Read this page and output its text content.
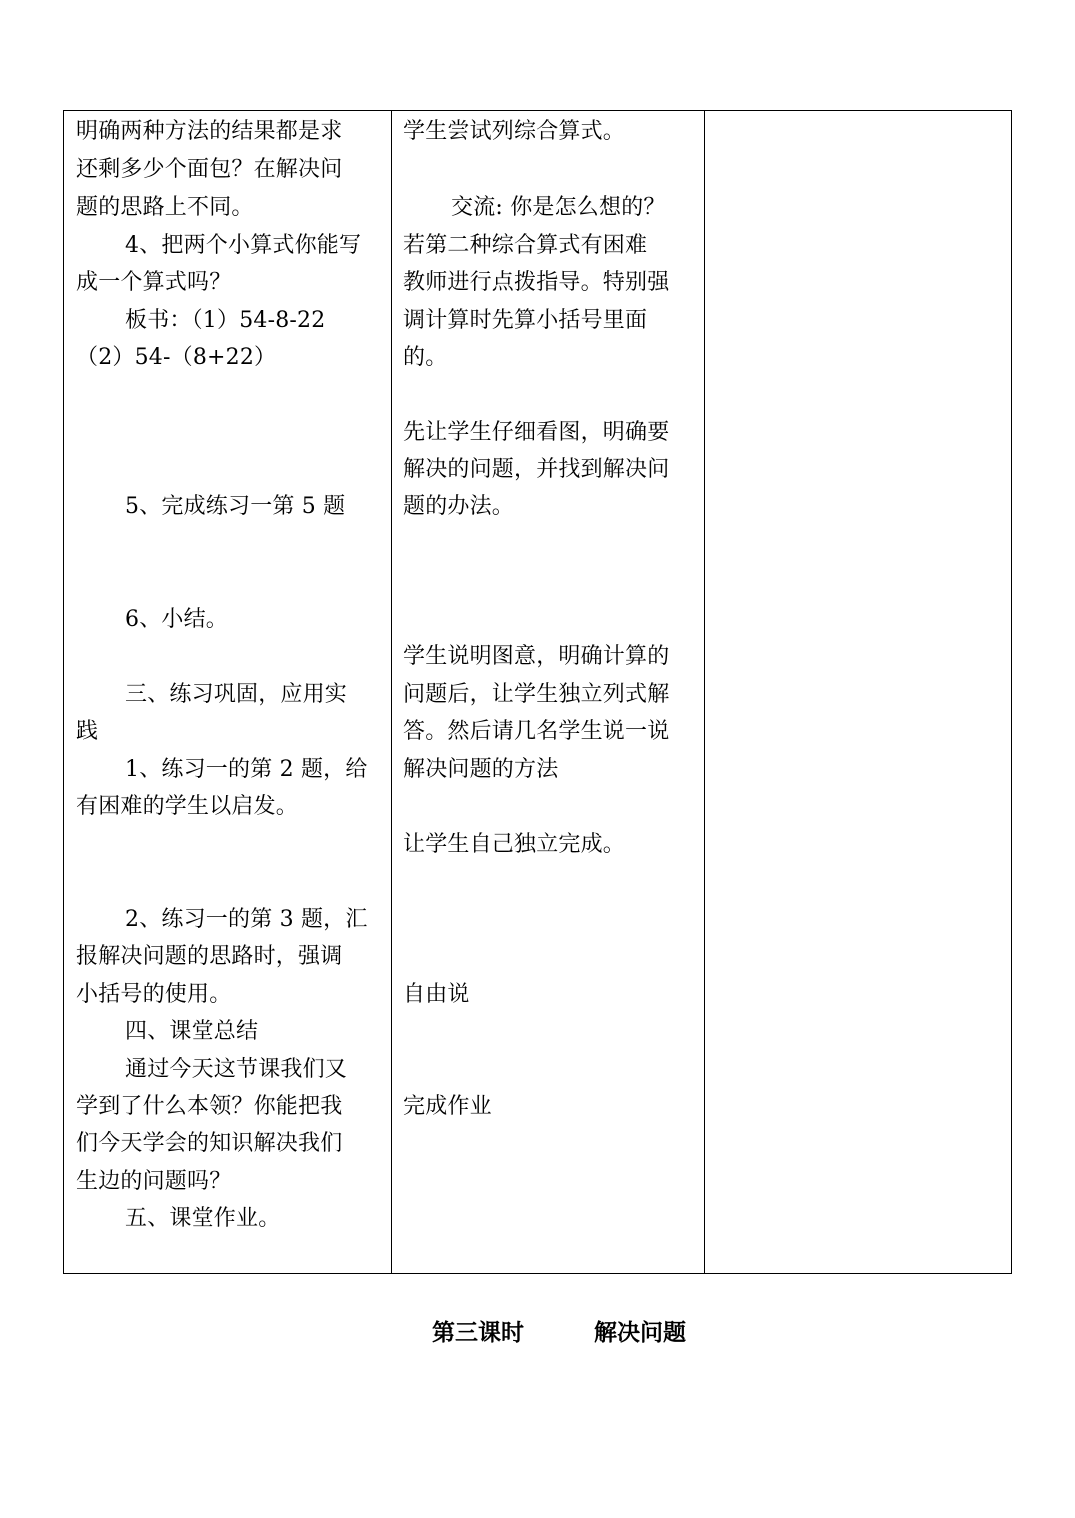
明确两种方法的结果都是求
还剩多少个面包？在解决问
题的思路上不同。
4、把两个小算式你能写
成一个算式吗？
板书：（1）54-8-22
（2）54-（8+22）
5、完成练习一第 5 题
6、小结。
三、练习巩固，应用实
践
1、练习一的第 2 题，给
有困难的学生以启发。
2、练习一的第 3 题，汇
报解决问题的思路时，强调
小括号的使用。
四、课堂总结
通过今天这节课我们又
学到了什么本领？你能把我
们今天学会的知识解决我们
生边的问题吗？
五、课堂作业。
学生尝试列综合算式。
交流: 你是怎么想的？
若第二种综合算式有困难
教师进行点拨指导。特别强
调计算时先算小括号里面
的。
先让学生仔细看图，明确要
解决的问题，并找到解决问
题的办法。
学生说明图意，明确计算的
问题后，让学生独立列式解
答。然后请几名学生说一说
解决问题的方法
让学生自己独立完成。
自由说
完成作业
第三课时	解决问题
